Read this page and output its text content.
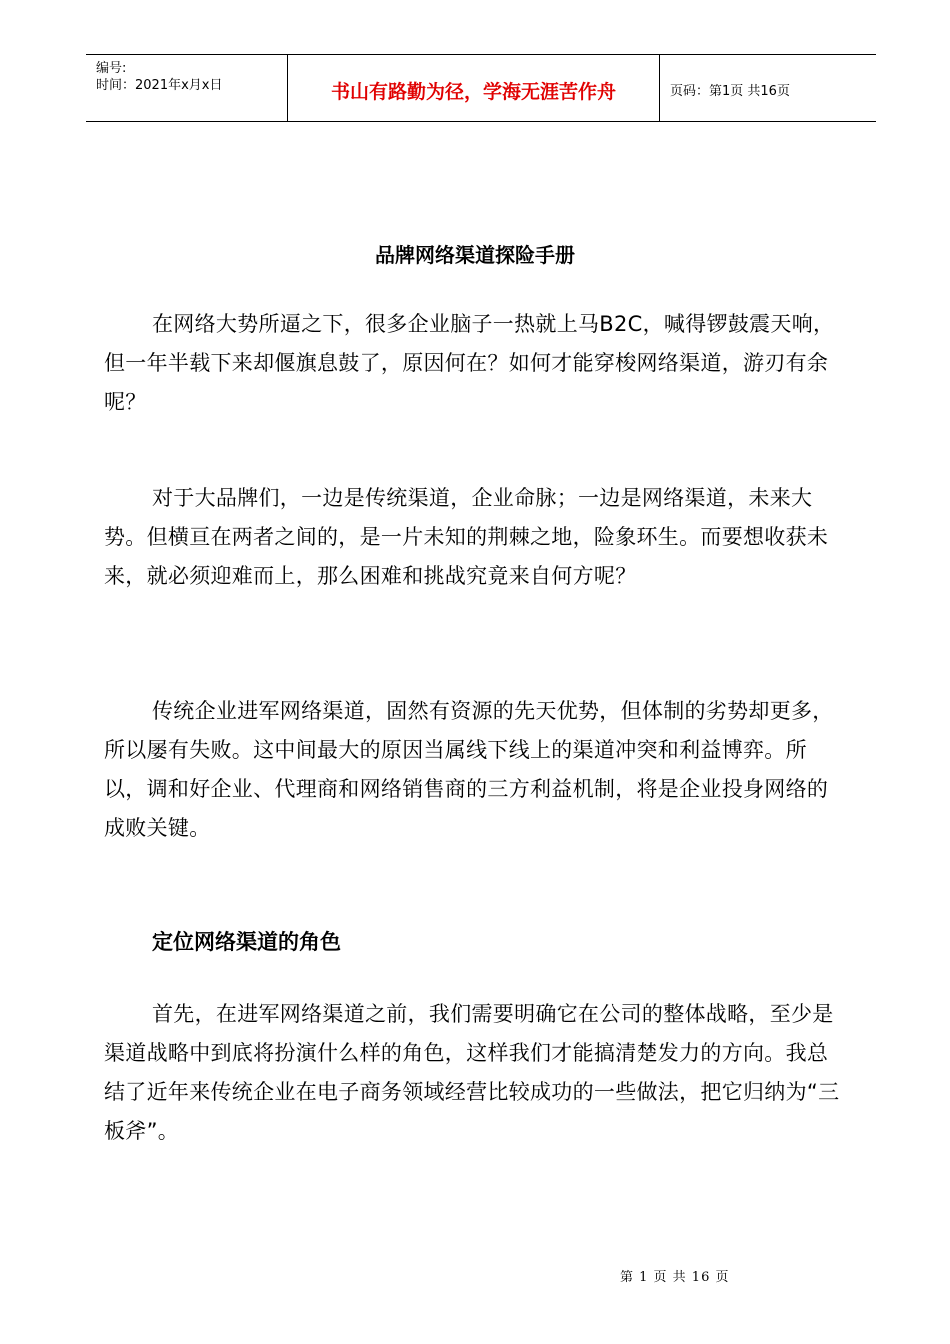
编号:
时间：2021年x月x日	书山有路勤为径，学海无涯苦作舟	页码：第1页 共16页
品牌网络渠道探险手册

在网络大势所逼之下，很多企业脑子一热就上马B2C，喊得锣鼓震天响，但一年半载下来却偃旗息鼓了，原因何在？如何才能穿梭网络渠道，游刃有余呢？

对于大品牌们，一边是传统渠道，企业命脉；一边是网络渠道，未来大势。但横亘在两者之间的，是一片未知的荆棘之地，险象环生。而要想收获未来，就必须迎难而上，那么困难和挑战究竟来自何方呢？

传统企业进军网络渠道，固然有资源的先天优势，但体制的劣势却更多，所以屡有失败。这中间最大的原因当属线下线上的渠道冲突和利益博弈。所以，调和好企业、代理商和网络销售商的三方利益机制，将是企业投身网络的成败关键。

定位网络渠道的角色

首先，在进军网络渠道之前，我们需要明确它在公司的整体战略，至少是渠道战略中到底将扮演什么样的角色，这样我们才能搞清楚发力的方向。我总结了近年来传统企业在电子商务领域经营比较成功的一些做法，把它归纳为“三板斧”。

第 1 页 共 16 页
